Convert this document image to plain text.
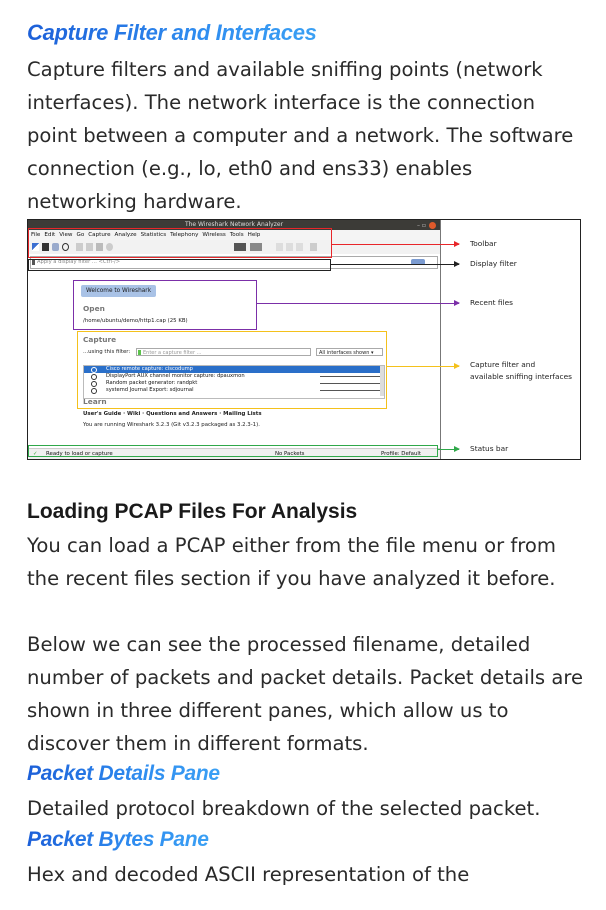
Capture Filter and Interfaces

Capture filters and available sniffing points (network interfaces). The network interface is the connection point between a computer and a network. The software connection (e.g., lo, eth0 and ens33) enables networking hardware.

The Wireshark Network Analyzer	– ▫
File Edit View Go Capture Analyze Statistics Telephony Wireless Tools Help
Apply a display filter ... <Ctrl-/>
Welcome to Wireshark
Open
/home/ubuntu/demo/http1.cap (25 KB)
Capture
...using this filter:	Enter a capture filter ...	All interfaces shown ▾
Cisco remote capture: ciscodump
DisplayPort AUX channel monitor capture: dpauxmon
Random packet generator: randpkt
systemd Journal Export: sdjournal
Learn
User's Guide · Wiki · Questions and Answers · Mailing Lists
You are running Wireshark 3.2.3 (Git v3.2.3 packaged as 3.2.3-1).
✓ Ready to load or capture	No Packets	Profile: Default
Toolbar
Display filter
Recent files
Capture filter and
available sniffing interfaces
Status bar
Loading PCAP Files For Analysis

You can load a PCAP either from the file menu or from the recent files section if you have analyzed it before.

Below we can see the processed filename, detailed number of packets and packet details. Packet details are shown in three different panes, which allow us to discover them in different formats.

Packet Details Pane

Detailed protocol breakdown of the selected packet.

Packet Bytes Pane

Hex and decoded ASCII representation of the
